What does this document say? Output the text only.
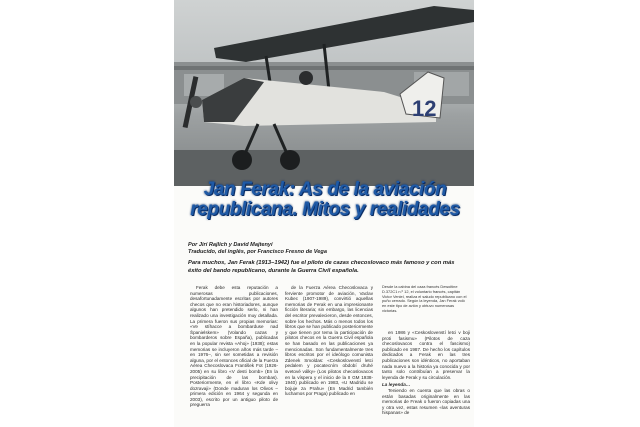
12
Jan Ferak: As de la aviación republicana. Mitos y realidades
Por Jirí Rajlich y David Majtenyí
Traducido, del inglés, por Francisco Fresno de Vega
Para muchos, Jan Ferak (1913–1942) fue el piloto de cazas checoslovaco más famoso y con más éxito del bando republicano, durante la Guerra Civil española.

Ferak debe esta reputación a numerosas publicaciones, desafortunadamente escritas por autores checos que no eran historiadores, aunque algunos han pretendido serlo, ni han realizado una investigación muy detallada. La primera fueron sus propias memorias: «Ve stíhacce a bombarduse nad Španielskem» (Volando cazas y bombarderos sobre España), publicadas en la popular revista «Ahoj» (1938); estas memorias se incluyeron años más tarde –en 1976–, sin ser sometidas a revisión alguna, por el entonces oficial de la Fuerza Aérea Checoslovaca František Fot (1926-2005) en su libro «V desti bomb» (En la precipitación de las bombas). Posteriormente, en el libro «Kde olivy dozravaji» (Donde maduran los Olivos –primera edición en 1964 y segunda en 2003), escrito por un antiguo piloto de preguerra

de la Fuerza Aérea Checoslovaca y ferviente promotor de aviación, Vaclav Kubec (1907-1989), convirtió aquellas memorias de Ferak en una impresionante ficción literaria; sin embargo, las licencias del escritor prevalecieron, desde entonces, sobre los hechos. Más o menos todos los libros que se han publicado posteriormente y que tienen por tema la participación de pilotos checos en la Guerra Civil española se han basado en las publicaciones ya mencionadas. Son fundamentalmente tres libros escritos por el ideólogo comunista Zdenek Smoldas: «Ceskoslovenstí letci pedalem y pocatecním období druhé svetové války» (Los pilotos checoslovacos en la víspera y el inicio de la II GM 1938-1940) publicado en 1983, «U Madridu se bojuje za Prahu» (En Madrid también luchamos por Praga) publicado en

Desde la cabina del caza francés Dewoitine D.372C1 n.º 12, el voluntario francés, capitán Victor Veniel, realiza el saludo republicano con el puño cerrado. Según la leyenda, Jan Ferak voló en este tipo de avión y obtuvo numerosas victorias.

en 1986 y «Ceskoslovenstí letci v boji proti fasismu» (Pilotos de caza checoslovacos contra el fascismo) publicado en 1987. De hecho los capítulos dedicados a Ferak en las tres publicaciones son idénticos, no aportaban nada nuevo a la historia ya conocida y por tanto solo contribuían a preservar la leyenda de Ferak y su circulación.

La leyenda…

Teniendo en cuenta que las obras o están basadas originalmente en las memorias de Freak o fueron copiadas una y otra vez, estas resumen «las aventuras hispanas» de
